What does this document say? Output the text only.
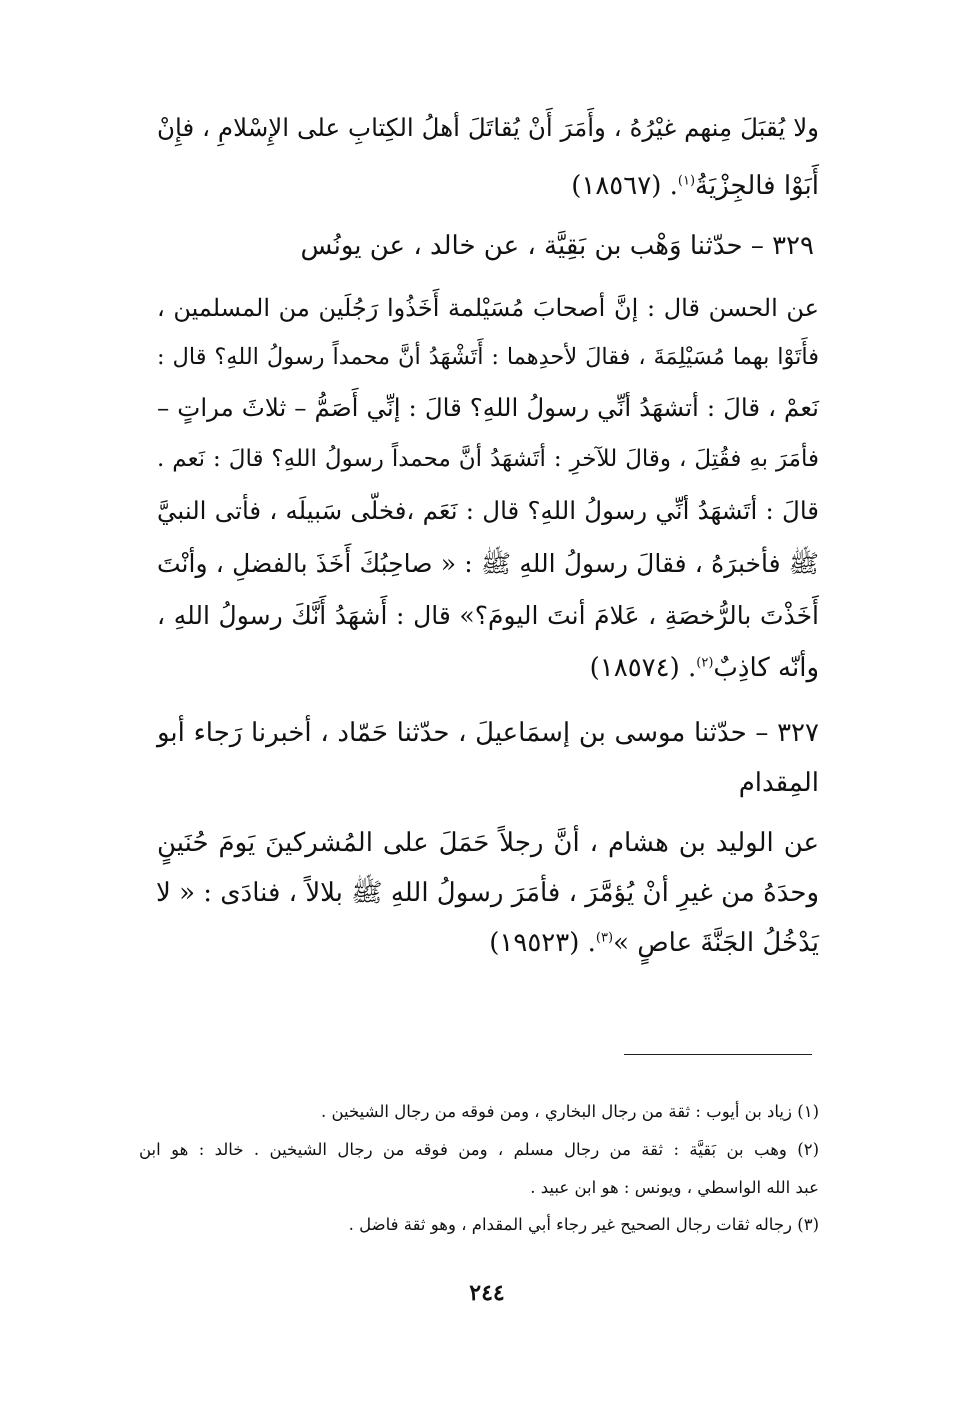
ولا يُقبَلَ مِنهم غيْرُهُ ، وأَمَرَ أَنْ يُقاتَلَ أهلُ الكِتابِ على الإِسْلامِ ، فإِنْ
أَبَوْا فالجِزْيَةُ$^{(١)}$. (١٨٥٦٧)
٣٢٩ – حدّثنا وَهْب بن بَقِيَّة ، عن خالد ، عن يونُس
عن الحسن قال : إنَّ أصحابَ مُسَيْلمة أَخَذُوا رَجُلَين من المسلمين ،
فأَتَوْا بهما مُسَيْلِمَةَ ، فقالَ لأحدِهما : أَتَشْهَدُ أنَّ محمداً رسولُ اللهِ؟ قال :
نَعمْ ، قالَ : أتشهَدُ أنِّي رسولُ اللهِ؟ قالَ : إنِّي أَصَمُّ – ثلاثَ مراتٍ –
فأمَرَ بهِ فقُتِلَ ، وقالَ للآخرِ : أتَشهَدُ أنَّ محمداً رسولُ اللهِ؟ قالَ : نَعم .
قالَ : أتَشهَدُ أنِّي رسولُ اللهِ؟ قال : نَعَم ،فخلّى سَبيلَه ، فأتى النبيَّ
ﷺ فأخبرَهُ ، فقالَ رسولُ اللهِ ﷺ : « صاحِبُكَ أَخَذَ بالفضلِ ، وأنْتَ
أَخَذْتَ بالرُّخصَةِ ، عَلامَ أنتَ اليومَ؟» قال : أَشهَدُ أَنَّكَ رسولُ اللهِ ،
وأنّه كاذِبٌ$^{(٢)}$. (١٨٥٧٤)
٣٢٧ – حدّثنا موسى بن إسمَاعيلَ ، حدّثنا حَمّاد ، أخبرنا رَجاء أبو
المِقدام
عن الوليد بن هشام ، أنَّ رجلاً حَمَلَ على المُشركينَ يَومَ حُنَينٍ
وحدَهُ من غيرِ أنْ يُؤمَّرَ ، فأمَرَ رسولُ اللهِ ﷺ بلالاً ، فنادَى : « لا
يَدْخُلُ الجَنَّةَ عاصٍ »$^{(٣)}$. (١٩٥٢٣)
(١) زياد بن أيوب : ثقة من رجال البخاري ، ومن فوقه من رجال الشيخين .
(٢) وهب بن بَقيَّة : ثقة من رجال مسلم ، ومن فوقه من رجال الشيخين . خالد : هو ابن
عبد الله الواسطي ، ويونس : هو ابن عبيد .
(٣) رجاله ثقات رجال الصحيح غير رجاء أبي المقدام ، وهو ثقة فاضل .
٢٤٤
